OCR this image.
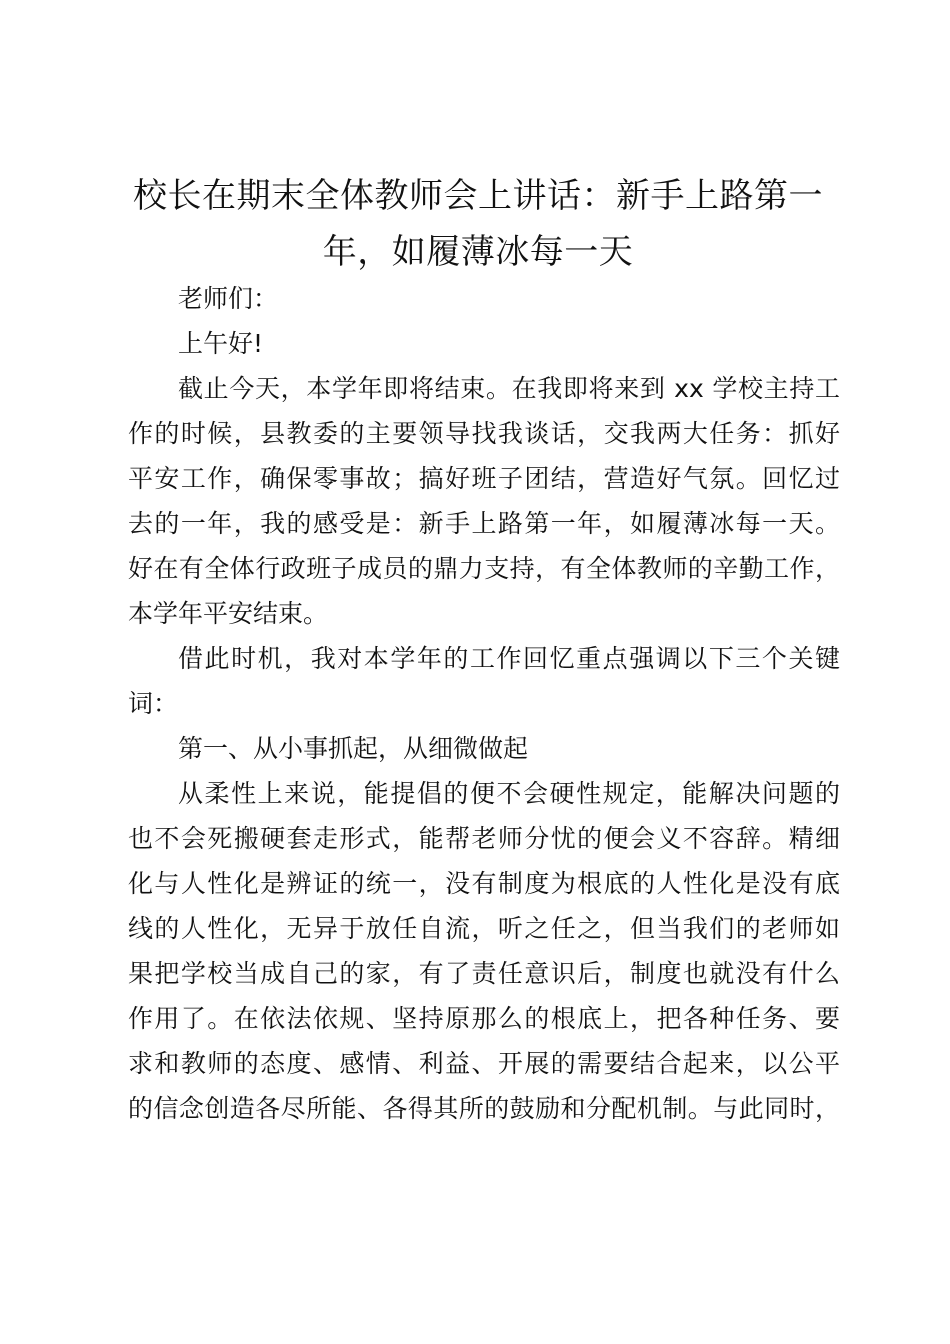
校长在期末全体教师会上讲话：新手上路第一
年，如履薄冰每一天
老师们：
上午好!
截止今天，本学年即将结束。在我即将来到 xx 学校主持工
作的时候，县教委的主要领导找我谈话，交我两大任务：抓好
平安工作，确保零事故；搞好班子团结，营造好气氛。回忆过
去的一年，我的感受是：新手上路第一年，如履薄冰每一天。
好在有全体行政班子成员的鼎力支持，有全体教师的辛勤工作，
本学年平安结束。
借此时机，我对本学年的工作回忆重点强调以下三个关键
词：
第一、从小事抓起，从细微做起
从柔性上来说，能提倡的便不会硬性规定，能解决问题的
也不会死搬硬套走形式，能帮老师分忧的便会义不容辞。精细
化与人性化是辨证的统一，没有制度为根底的人性化是没有底
线的人性化，无异于放任自流，听之任之，但当我们的老师如
果把学校当成自己的家，有了责任意识后，制度也就没有什么
作用了。在依法依规、坚持原那么的根底上，把各种任务、要
求和教师的态度、感情、利益、开展的需要结合起来，以公平
的信念创造各尽所能、各得其所的鼓励和分配机制。与此同时，
